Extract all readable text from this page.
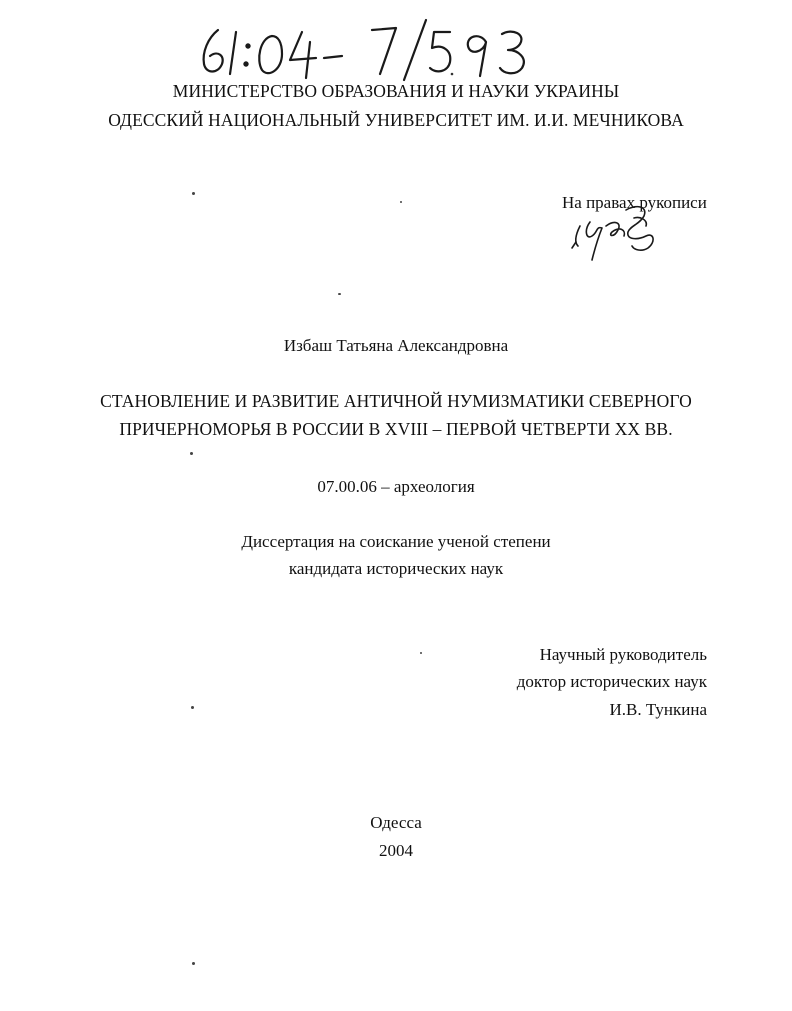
МИНИСТЕРСТВО ОБРАЗОВАНИЯ И НАУКИ УКРАИНЫ
ОДЕССКИЙ НАЦИОНАЛЬНЫЙ УНИВЕРСИТЕТ ИМ. И.И. МЕЧНИКОВА
На правах рукописи
Избаш Татьяна Александровна
СТАНОВЛЕНИЕ И РАЗВИТИЕ АНТИЧНОЙ НУМИЗМАТИКИ СЕВЕРНОГО
ПРИЧЕРНОМОРЬЯ В РОССИИ В XVIII – ПЕРВОЙ ЧЕТВЕРТИ XX ВВ.
07.00.06 – археология
Диссертация на соискание ученой степени
кандидата исторических наук
Научный руководитель
доктор исторических наук
И.В. Тункина
Одесса
2004
